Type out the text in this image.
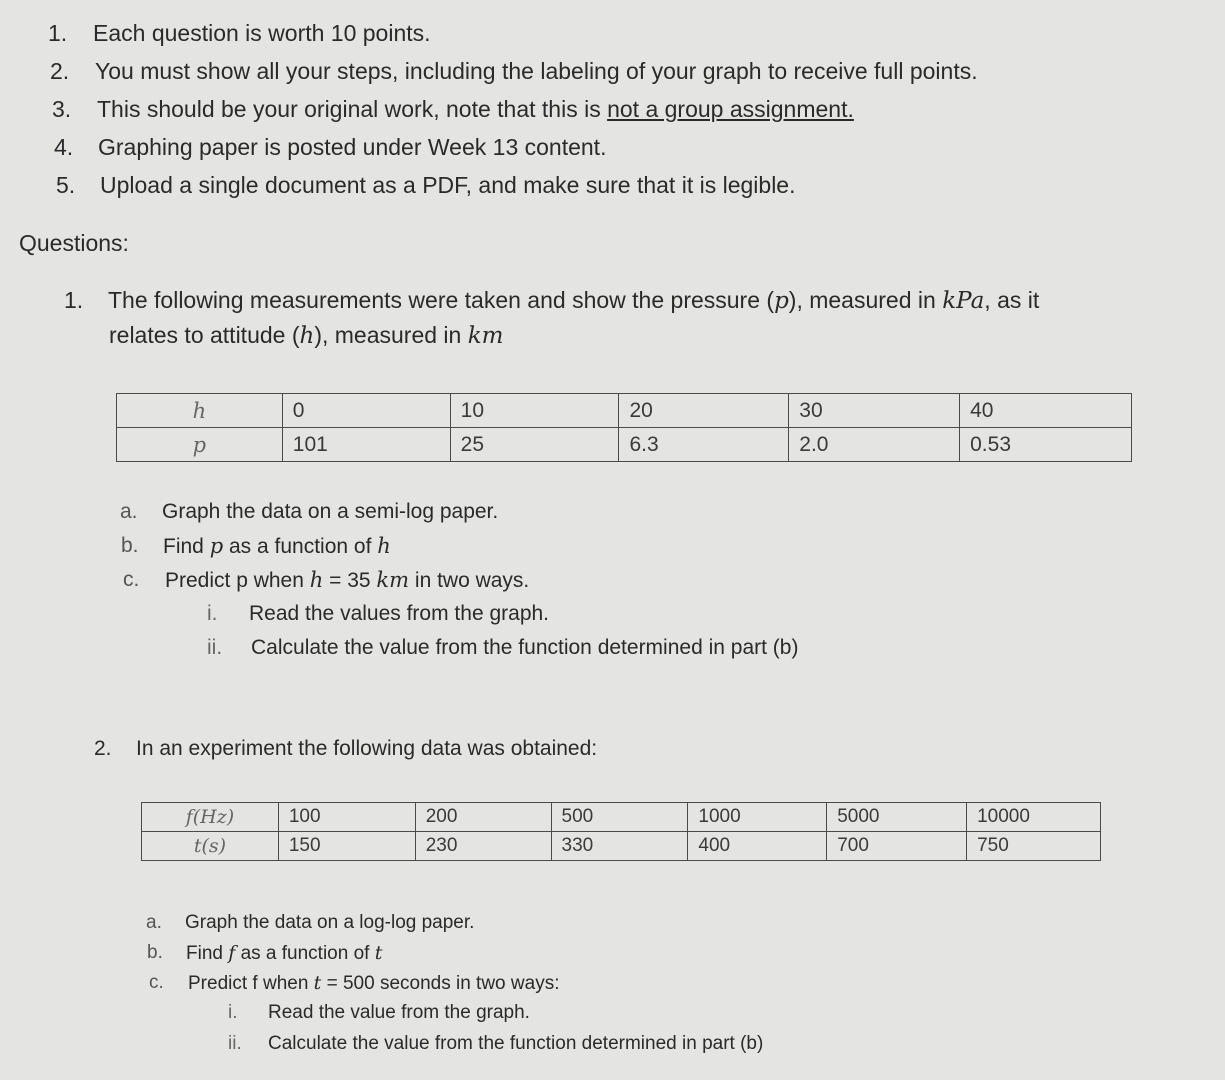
1. Each question is worth 10 points.
2. You must show all your steps, including the labeling of your graph to receive full points.
3. This should be your original work, note that this is not a group assignment.
4. Graphing paper is posted under Week 13 content.
5. Upload a single document as a PDF, and make sure that it is legible.
Questions:
1. The following measurements were taken and show the pressure (p), measured in kPa, as it
relates to attitude (h), measured in km
h	0	10	20	30	40
p	101	25	6.3	2.0	0.53
a. Graph the data on a semi-log paper.
b. Find p as a function of h
c. Predict p when h = 35 km in two ways.
i. Read the values from the graph.
ii. Calculate the value from the function determined in part (b)
2. In an experiment the following data was obtained:
f(Hz)	100	200	500	1000	5000	10000
t(s)	150	230	330	400	700	750
a. Graph the data on a log-log paper.
b. Find f as a function of t
c. Predict f when t = 500 seconds in two ways:
i. Read the value from the graph.
ii. Calculate the value from the function determined in part (b)
